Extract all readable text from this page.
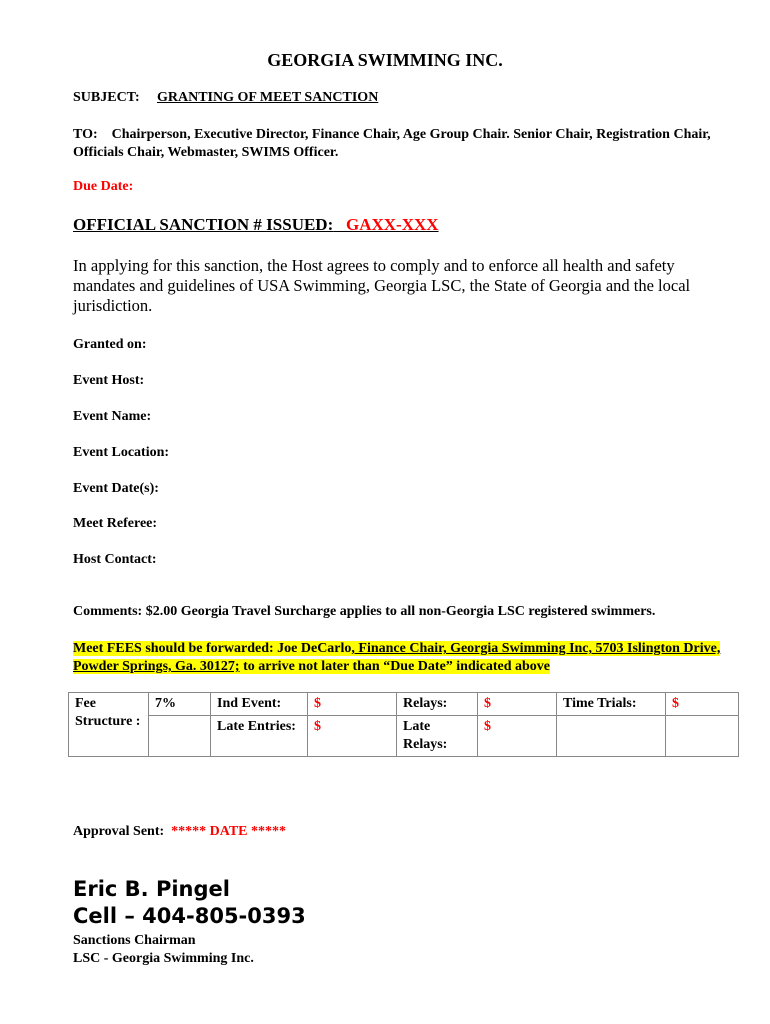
GEORGIA SWIMMING INC.
SUBJECT: GRANTING OF MEET SANCTION
TO: Chairperson, Executive Director, Finance Chair, Age Group Chair. Senior Chair, Registration Chair, Officials Chair, Webmaster, SWIMS Officer.
Due Date:
OFFICIAL SANCTION # ISSUED: GAXX-XXX
In applying for this sanction, the Host agrees to comply and to enforce all health and safety mandates and guidelines of USA Swimming, Georgia LSC, the State of Georgia and the local jurisdiction.
Granted on:
Event Host:
Event Name:
Event Location:
Event Date(s):
Meet Referee:
Host Contact:
Comments: $2.00 Georgia Travel Surcharge applies to all non-Georgia LSC registered swimmers.
Meet FEES should be forwarded: Joe DeCarlo, Finance Chair, Georgia Swimming Inc, 5703 Islington Drive, Powder Springs, Ga. 30127; to arrive not later than “Due Date” indicated above
Fee Structure :	7%	Ind Event:	$	Relays:	$	Time Trials:	$
		Late Entries:	$	Late Relays:	$		
Approval Sent: ***** DATE *****
Eric B. Pingel
Cell – 404-805-0393
Sanctions Chairman
LSC - Georgia Swimming Inc.
